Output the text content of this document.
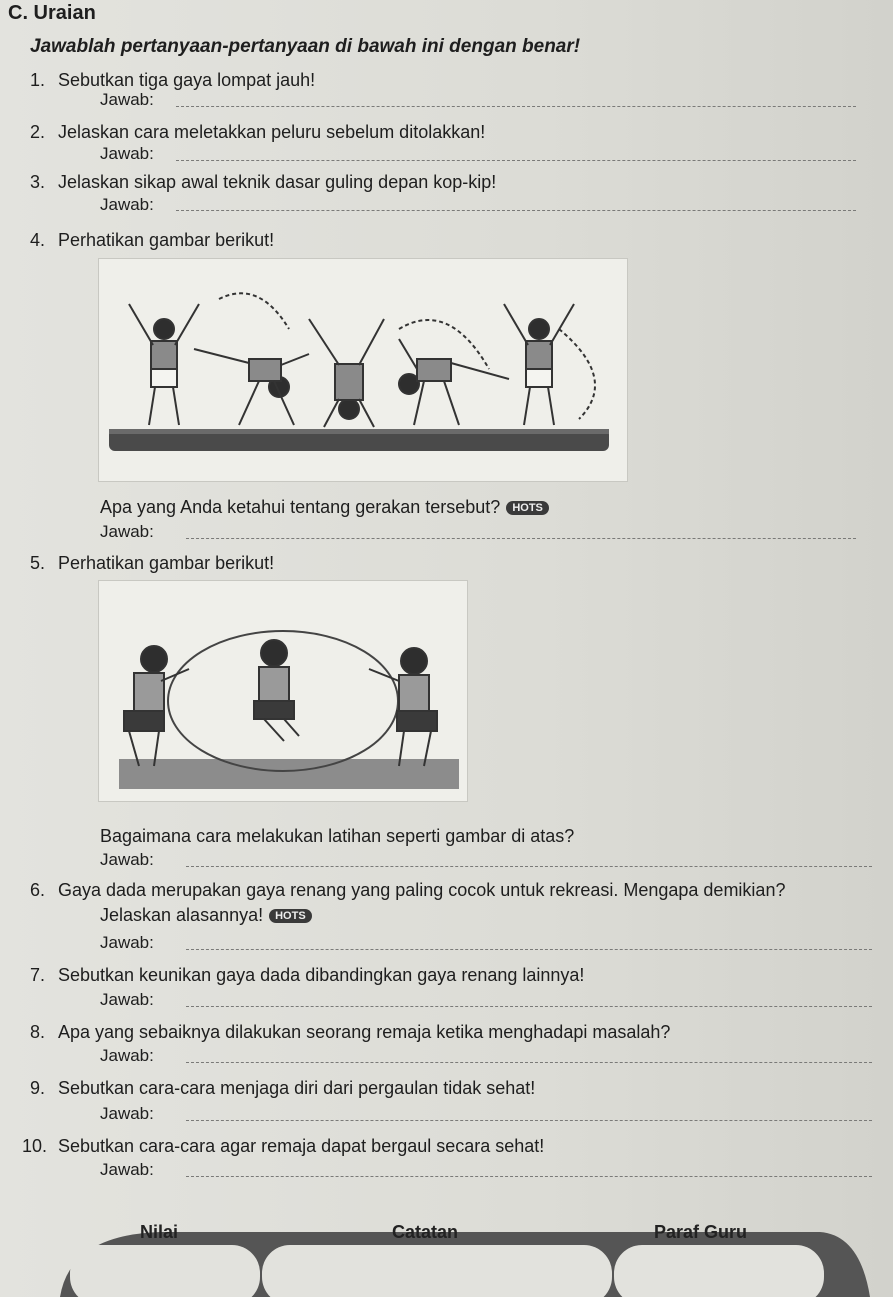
C. Uraian
Jawablah pertanyaan-pertanyaan di bawah ini dengan benar!
1. Sebutkan tiga gaya lompat jauh!
Jawab:
2. Jelaskan cara meletakkan peluru sebelum ditolakkan!
Jawab:
3. Jelaskan sikap awal teknik dasar guling depan kop-kip!
Jawab:
4. Perhatikan gambar berikut!
Apa yang Anda ketahui tentang gerakan tersebut? HOTS
Jawab:
5. Perhatikan gambar berikut!
Bagaimana cara melakukan latihan seperti gambar di atas?
Jawab:
6. Gaya dada merupakan gaya renang yang paling cocok untuk rekreasi. Mengapa demikian?
Jelaskan alasannya! HOTS
Jawab:
7. Sebutkan keunikan gaya dada dibandingkan gaya renang lainnya!
Jawab:
8. Apa yang sebaiknya dilakukan seorang remaja ketika menghadapi masalah?
Jawab:
9. Sebutkan cara-cara menjaga diri dari pergaulan tidak sehat!
Jawab:
10. Sebutkan cara-cara agar remaja dapat bergaul secara sehat!
Jawab:
Nilai	Catatan	Paraf Guru
